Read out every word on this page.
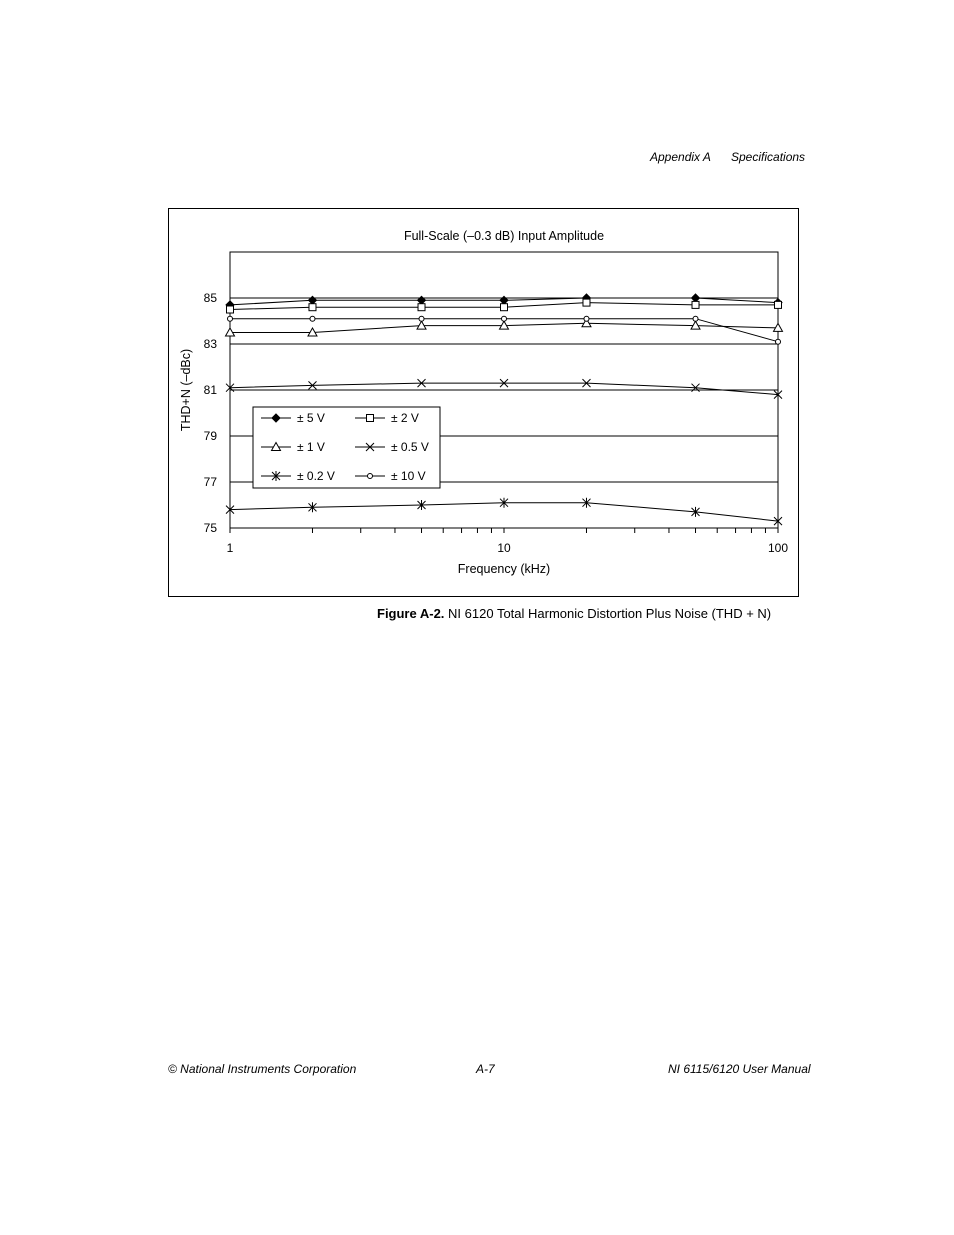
Appendix A Specifications
75
77
79
81
83
85
1	10	100
Full-Scale (–0.3 dB) Input Amplitude
Frequency (kHz)
THD+N (–dBc)	± 5 V	± 2 V
± 1 V	± 0.5 V
± 0.2 V	± 10 V
Figure A-2. NI 6120 Total Harmonic Distortion Plus Noise (THD + N)
© National Instruments Corporation	A-7	NI 6115/6120 User Manual
